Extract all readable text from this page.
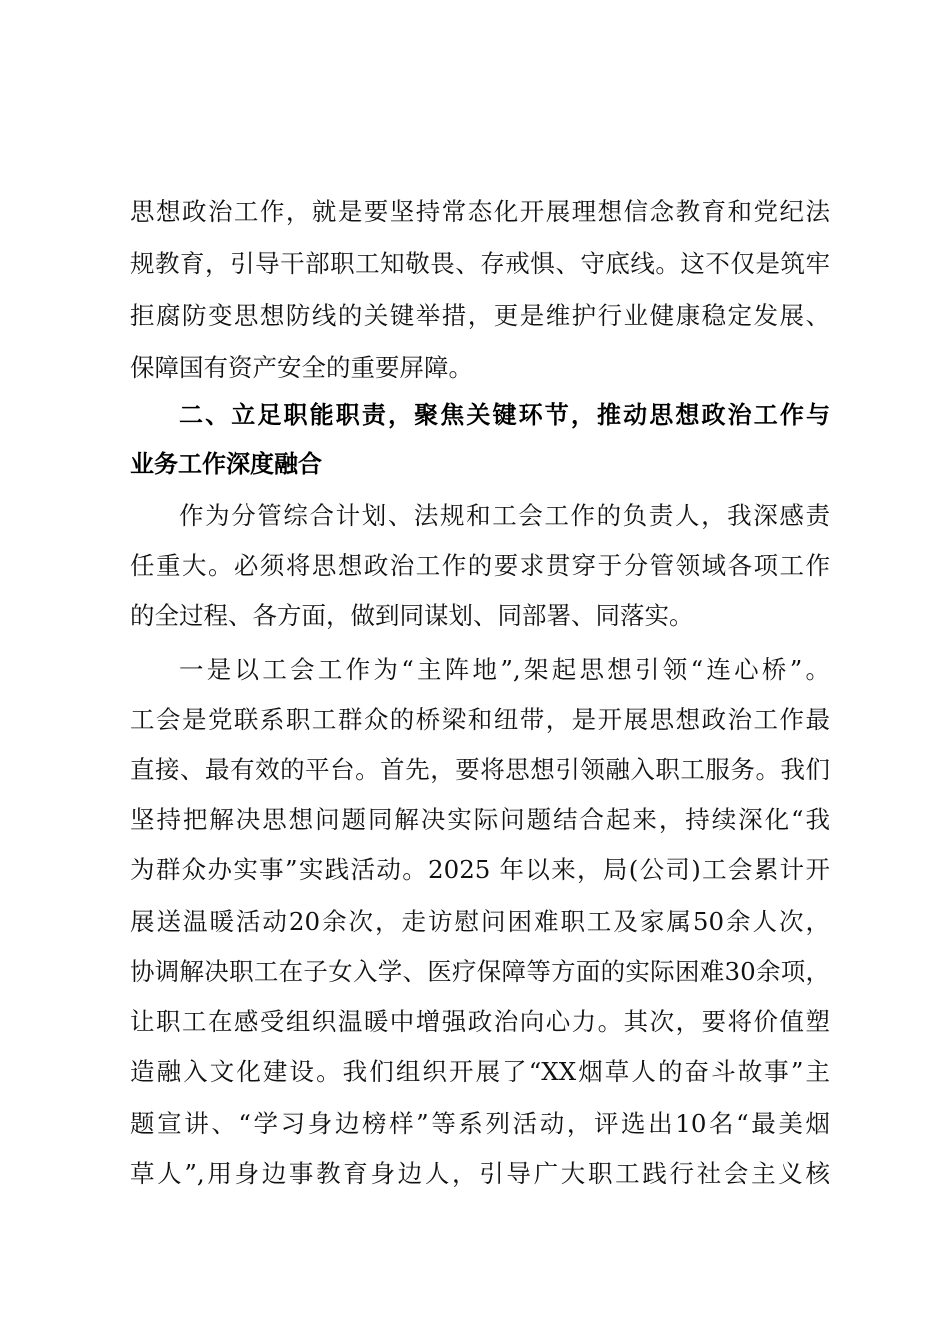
思想政治工作，就是要坚持常态化开展理想信念教育和党纪法
规教育，引导干部职工知敬畏、存戒惧、守底线。这不仅是筑牢
拒腐防变思想防线的关键举措，更是维护行业健康稳定发展、
保障国有资产安全的重要屏障。
二、立足职能职责，聚焦关键环节，推动思想政治工作与
业务工作深度融合
作为分管综合计划、法规和工会工作的负责人，我深感责
任重大。必须将思想政治工作的要求贯穿于分管领域各项工作
的全过程、各方面，做到同谋划、同部署、同落实。
一是以工会工作为“主阵地”,架起思想引领“连心桥”。
工会是党联系职工群众的桥梁和纽带，是开展思想政治工作最
直接、最有效的平台。首先，要将思想引领融入职工服务。我们
坚持把解决思想问题同解决实际问题结合起来，持续深化“我
为群众办实事”实践活动。2025 年以来，局(公司)工会累计开
展送温暖活动20余次，走访慰问困难职工及家属50余人次，
协调解决职工在子女入学、医疗保障等方面的实际困难30余项，
让职工在感受组织温暖中增强政治向心力。其次，要将价值塑
造融入文化建设。我们组织开展了“XX烟草人的奋斗故事”主
题宣讲、“学习身边榜样”等系列活动，评选出10名“最美烟
草人”,用身边事教育身边人，引导广大职工践行社会主义核
